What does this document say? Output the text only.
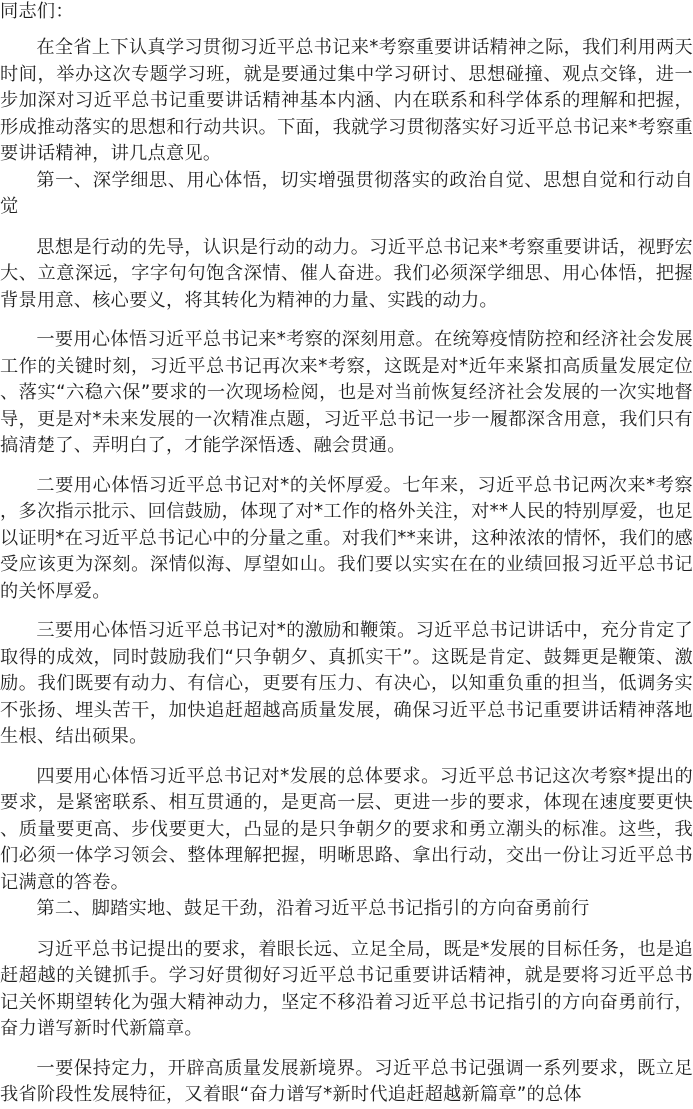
同志们：

在全省上下认真学习贯彻习近平总书记来*考察重要讲话精神之际，我们利用两天时间，举办这次专题学习班，就是要通过集中学习研讨、思想碰撞、观点交锋，进一步加深对习近平总书记重要讲话精神基本内涵、内在联系和科学体系的理解和把握，形成推动落实的思想和行动共识。下面，我就学习贯彻落实好习近平总书记来*考察重要讲话精神，讲几点意见。

第一、深学细思、用心体悟，切实增强贯彻落实的政治自觉、思想自觉和行动自觉

思想是行动的先导，认识是行动的动力。习近平总书记来*考察重要讲话，视野宏大、立意深远，字字句句饱含深情、催人奋进。我们必须深学细思、用心体悟，把握背景用意、核心要义，将其转化为精神的力量、实践的动力。

一要用心体悟习近平总书记来*考察的深刻用意。在统筹疫情防控和经济社会发展工作的关键时刻，习近平总书记再次来*考察，这既是对*近年来紧扣高质量发展定位、落实“六稳六保”要求的一次现场检阅，也是对当前恢复经济社会发展的一次实地督导，更是对*未来发展的一次精准点题，习近平总书记一步一履都深含用意，我们只有搞清楚了、弄明白了，才能学深悟透、融会贯通。

二要用心体悟习近平总书记对*的关怀厚爱。七年来，习近平总书记两次来*考察，多次指示批示、回信鼓励，体现了对*工作的格外关注，对**人民的特别厚爱，也足以证明*在习近平总书记心中的分量之重。对我们**来讲，这种浓浓的情怀，我们的感受应该更为深刻。深情似海、厚望如山。我们要以实实在在的业绩回报习近平总书记的关怀厚爱。

三要用心体悟习近平总书记对*的激励和鞭策。习近平总书记讲话中，充分肯定了取得的成效，同时鼓励我们“只争朝夕、真抓实干”。这既是肯定、鼓舞更是鞭策、激励。我们既要有动力、有信心，更要有压力、有决心，以知重负重的担当，低调务实不张扬、埋头苦干，加快追赶超越高质量发展，确保习近平总书记重要讲话精神落地生根、结出硕果。

四要用心体悟习近平总书记对*发展的总体要求。习近平总书记这次考察*提出的要求，是紧密联系、相互贯通的，是更高一层、更进一步的要求，体现在速度要更快、质量要更高、步伐要更大，凸显的是只争朝夕的要求和勇立潮头的标准。这些，我们必须一体学习领会、整体理解把握，明晰思路、拿出行动，交出一份让习近平总书记满意的答卷。

第二、脚踏实地、鼓足干劲，沿着习近平总书记指引的方向奋勇前行

习近平总书记提出的要求，着眼长远、立足全局，既是*发展的目标任务，也是追赶超越的关键抓手。学习好贯彻好习近平总书记重要讲话精神，就是要将习近平总书记关怀期望转化为强大精神动力，坚定不移沿着习近平总书记指引的方向奋勇前行，奋力谱写新时代新篇章。

一要保持定力，开辟高质量发展新境界。习近平总书记强调一系列要求，既立足我省阶段性发展特征，又着眼“奋力谱写*新时代追赶超越新篇章”的总体
